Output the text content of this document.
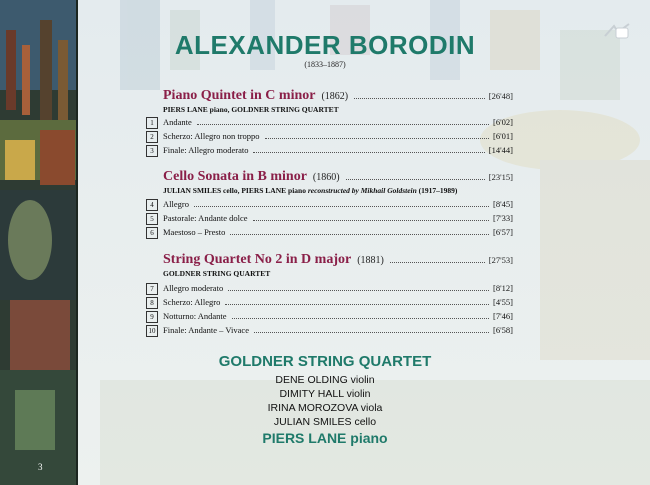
ALEXANDER BORODIN
(1833–1887)
Piano Quintet in C minor (1862)	[26'48]
PIERS LANE piano, GOLDNER STRING QUARTET
1	Andante	[6'02]
2	Scherzo: Allegro non troppo	[6'01]
3	Finale: Allegro moderato	[14'44]
Cello Sonata in B minor (1860)	[23'15]
JULIAN SMILES cello, PIERS LANE piano reconstructed by Mikhail Goldstein (1917–1989)
4	Allegro	[8'45]
5	Pastorale: Andante dolce	[7'33]
6	Maestoso – Presto	[6'57]
String Quartet No 2 in D major (1881)	[27'53]
GOLDNER STRING QUARTET
7	Allegro moderato	[8'12]
8	Scherzo: Allegro	[4'55]
9	Notturno: Andante	[7'46]
10 Finale: Andante – Vivace	[6'58]
GOLDNER STRING QUARTET
DENE OLDING violin
DIMITY HALL violin
IRINA MOROZOVA viola
JULIAN SMILES cello
PIERS LANE piano
3
